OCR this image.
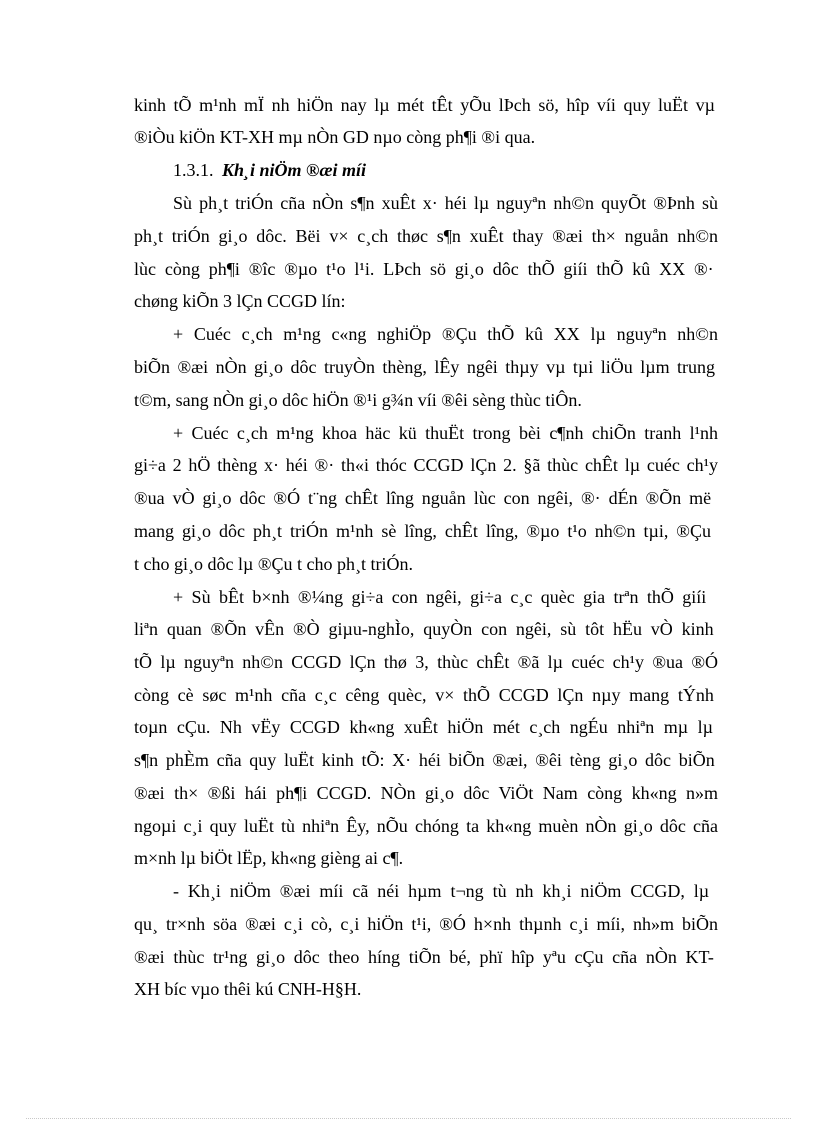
kinh tÕ m¹nh mÏ nh hiÖn nay lµ mét tÊt yÕu lÞch sö, hîp víi quy luËt vµ
®iÒu kiÖn KT-XH mµ nÒn GD nµo còng ph¶i ®i qua.
1.3.1. Kh¸i niÖm ®æi míi
Sù ph¸t triÓn cña nÒn s¶n xuÊt x· héi lµ nguyªn nh©n quyÕt ®Þnh sù
ph¸t triÓn gi¸o dôc. Bëi v× c¸ch thøc s¶n xuÊt thay ®æi th× nguån nh©n
lùc còng ph¶i ®îc ®µo t¹o l¹i. LÞch sö gi¸o dôc thÕ giíi thÕ kû XX ®·
chøng kiÕn 3 lÇn CCGD lín:
+ Cuéc c¸ch m¹ng c«ng nghiÖp ®Çu thÕ kû XX lµ nguyªn nh©n
biÕn ®æi nÒn gi¸o dôc truyÒn thèng, lÊy ngêi thµy vµ tµi liÖu lµm trung
t©m, sang nÒn gi¸o dôc hiÖn ®¹i g¾n víi ®êi sèng thùc tiÔn.
+ Cuéc c¸ch m¹ng khoa häc kü thuËt trong bèi c¶nh chiÕn tranh l¹nh
gi÷a 2 hÖ thèng x· héi ®· th«i thóc CCGD lÇn 2. §ã thùc chÊt lµ cuéc ch¹y
®ua vÒ gi¸o dôc ®Ó t¨ng chÊt lîng nguån lùc con ngêi, ®· dÉn ®Õn më
mang gi¸o dôc ph¸t triÓn m¹nh sè lîng, chÊt lîng, ®µo t¹o nh©n tµi, ®Çu
t cho gi¸o dôc lµ ®Çu t cho ph¸t triÓn.
+ Sù bÊt b×nh ®¼ng gi÷a con ngêi, gi÷a c¸c quèc gia trªn thÕ giíi
liªn quan ®Õn vÊn ®Ò giµu-nghÌo, quyÒn con ngêi, sù tôt hËu vÒ kinh
tÕ lµ nguyªn nh©n CCGD lÇn thø 3, thùc chÊt ®ã lµ cuéc ch¹y ®ua ®Ó
còng cè søc m¹nh cña c¸c cêng quèc, v× thÕ CCGD lÇn nµy mang tÝnh
toµn cÇu. Nh vËy CCGD kh«ng xuÊt hiÖn mét c¸ch ngÉu nhiªn mµ lµ
s¶n phÈm cña quy luËt kinh tÕ: X· héi biÕn ®æi, ®êi tèng gi¸o dôc biÕn
®æi th× ®ßi hái ph¶i CCGD. NÒn gi¸o dôc ViÖt Nam còng kh«ng n»m
ngoµi c¸i quy luËt tù nhiªn Êy, nÕu chóng ta kh«ng muèn nÒn gi¸o dôc cña
m×nh lµ biÖt lËp, kh«ng gièng ai c¶.
- Kh¸i niÖm ®æi míi cã néi hµm t¬ng tù nh kh¸i niÖm CCGD, lµ
qu¸ tr×nh söa ®æi c¸i cò, c¸i hiÖn t¹i, ®Ó h×nh thµnh c¸i míi, nh»m biÕn
®æi thùc tr¹ng gi¸o dôc theo híng tiÕn bé, phï hîp yªu cÇu cña nÒn KT-
XH bíc vµo thêi kú CNH-H§H.
